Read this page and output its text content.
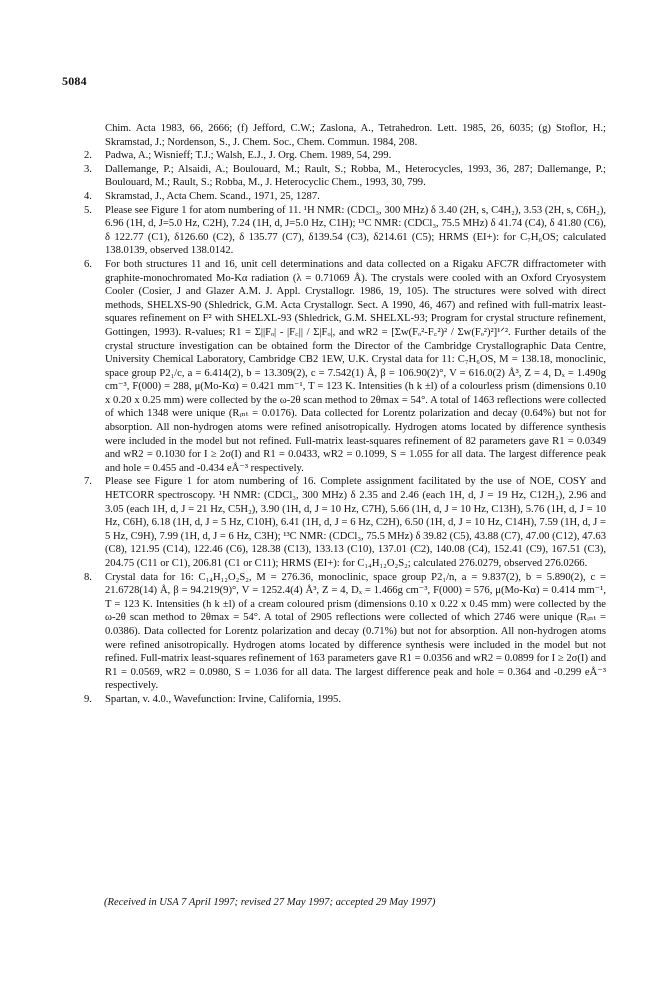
5084

Chim. Acta 1983, 66, 2666; (f) Jefford, C.W.; Zaslona, A., Tetrahedron. Lett. 1985, 26, 6035; (g) Stoflor, H.; Skramstad, J.; Nordenson, S., J. Chem. Soc., Chem. Commun. 1984, 208.

2. Padwa, A.; Wisnieff; T.J.; Walsh, E.J., J. Org. Chem. 1989, 54, 299.

3. Dallemange, P.; Alsaidi, A.; Boulouard, M.; Rault, S.; Robba, M., Heterocycles, 1993, 36, 287; Dallemange, P.; Boulouard, M.; Rault, S.; Robba, M., J. Heterocyclic Chem., 1993, 30, 799.

4. Skramstad, J., Acta Chem. Scand., 1971, 25, 1287.

5. Please see Figure 1 for atom numbering of 11. ¹H NMR: (CDCl₃, 300 MHz) δ 3.40 (2H, s, C4H₂), 3.53 (2H, s, C6H₂), 6.96 (1H, d, J=5.0 Hz, C2H), 7.24 (1H, d, J=5.0 Hz, C1H); ¹³C NMR: (CDCl₃, 75.5 MHz) δ 41.74 (C4), δ 41.80 (C6), δ 122.77 (C1), δ126.60 (C2), δ 135.77 (C7), δ139.54 (C3), δ214.61 (C5); HRMS (EI+): for C₇H₆OS; calculated 138.0139, observed 138.0142.

6. For both structures 11 and 16, unit cell determinations and data collected on a Rigaku AFC7R diffractometer with graphite-monochromated Mo-Kα radiation (λ = 0.71069 Å). The crystals were cooled with an Oxford Cryosystem Cooler (Cosier, J and Glazer A.M. J. Appl. Crystallogr. 1986, 19, 105). The structures were solved with direct methods, SHELXS-90 (Shledrick, G.M. Acta Crystallogr. Sect. A 1990, 46, 467) and refined with full-matrix least-squares refinement on F² with SHELXL-93 (Shledrick, G.M. SHELXL-93; Program for crystal structure refinement, Gottingen, 1993). R-values; R1 = Σ||Fₒ| - |F꜀|| / Σ|Fₒ|, and wR2 = [Σw(Fₒ²-F꜀²)² / Σw(Fₒ²)²]¹ᐟ². Further details of the crystal structure investigation can be obtained form the Director of the Cambridge Crystallographic Data Centre, University Chemical Laboratory, Cambridge CB2 1EW, U.K. Crystal data for 11: C₇H₆OS, M = 138.18, monoclinic, space group P2₁/c, a = 6.414(2), b = 13.309(2), c = 7.542(1) Å, β = 106.90(2)°, V = 616.0(2) Å³, Z = 4, Dₓ = 1.490g cm⁻³, F(000) = 288, μ(Mo-Kα) = 0.421 mm⁻¹, T = 123 K. Intensities (h k ±l) of a colourless prism (dimensions 0.10 x 0.20 x 0.25 mm) were collected by the ω-2θ scan method to 2θmax = 54°. A total of 1463 reflections were collected of which 1348 were unique (Rᵢₙₜ = 0.0176). Data collected for Lorentz polarization and decay (0.64%) but not for absorption. All non-hydrogen atoms were refined anisotropically. Hydrogen atoms located by difference synthesis were included in the model but not refined. Full-matrix least-squares refinement of 82 parameters gave R1 = 0.0349 and wR2 = 0.1030 for I ≥ 2σ(I) and R1 = 0.0433, wR2 = 0.1099, S = 1.055 for all data. The largest difference peak and hole = 0.455 and -0.434 eÅ⁻³ respectively.

7. Please see Figure 1 for atom numbering of 16. Complete assignment facilitated by the use of NOE, COSY and HETCORR spectroscopy. ¹H NMR: (CDCl₃, 300 MHz) δ 2.35 and 2.46 (each 1H, d, J = 19 Hz, C12H₂), 2.96 and 3.05 (each 1H, d, J = 21 Hz, C5H₂), 3.90 (1H, d, J = 10 Hz, C7H), 5.66 (1H, d, J = 10 Hz, C13H), 5.76 (1H, d, J = 10 Hz, C6H), 6.18 (1H, d, J = 5 Hz, C10H), 6.41 (1H, d, J = 6 Hz, C2H), 6.50 (1H, d, J = 10 Hz, C14H), 7.59 (1H, d, J = 5 Hz, C9H), 7.99 (1H, d, J = 6 Hz, C3H); ¹³C NMR: (CDCl₃, 75.5 MHz) δ 39.82 (C5), 43.88 (C7), 47.00 (C12), 47.63 (C8), 121.95 (C14), 122.46 (C6), 128.38 (C13), 133.13 (C10), 137.01 (C2), 140.08 (C4), 152.41 (C9), 167.51 (C3), 204.75 (C11 or C1), 206.81 (C1 or C11); HRMS (EI+): for C₁₄H₁₂O₂S₂; calculated 276.0279, observed 276.0266.

8. Crystal data for 16: C₁₄H₁₂O₂S₂, M = 276.36, monoclinic, space group P2₁/n, a = 9.837(2), b = 5.890(2), c = 21.6728(14) Å, β = 94.219(9)°, V = 1252.4(4) Å³, Z = 4, Dₓ = 1.466g cm⁻³, F(000) = 576, μ(Mo-Kα) = 0.414 mm⁻¹, T = 123 K. Intensities (h k ±l) of a cream coloured prism (dimensions 0.10 x 0.22 x 0.45 mm) were collected by the ω-2θ scan method to 2θmax = 54°. A total of 2905 reflections were collected of which 2746 were unique (Rᵢₙₜ = 0.0386). Data collected for Lorentz polarization and decay (0.71%) but not for absorption. All non-hydrogen atoms were refined anisotropically. Hydrogen atoms located by difference synthesis were included in the model but not refined. Full-matrix least-squares refinement of 163 parameters gave R1 = 0.0356 and wR2 = 0.0899 for I ≥ 2σ(I) and R1 = 0.0569, wR2 = 0.0980, S = 1.036 for all data. The largest difference peak and hole = 0.364 and -0.299 eÅ⁻³ respectively.

9. Spartan, v. 4.0., Wavefunction: Irvine, California, 1995.

(Received in USA 7 April 1997; revised 27 May 1997; accepted 29 May 1997)
